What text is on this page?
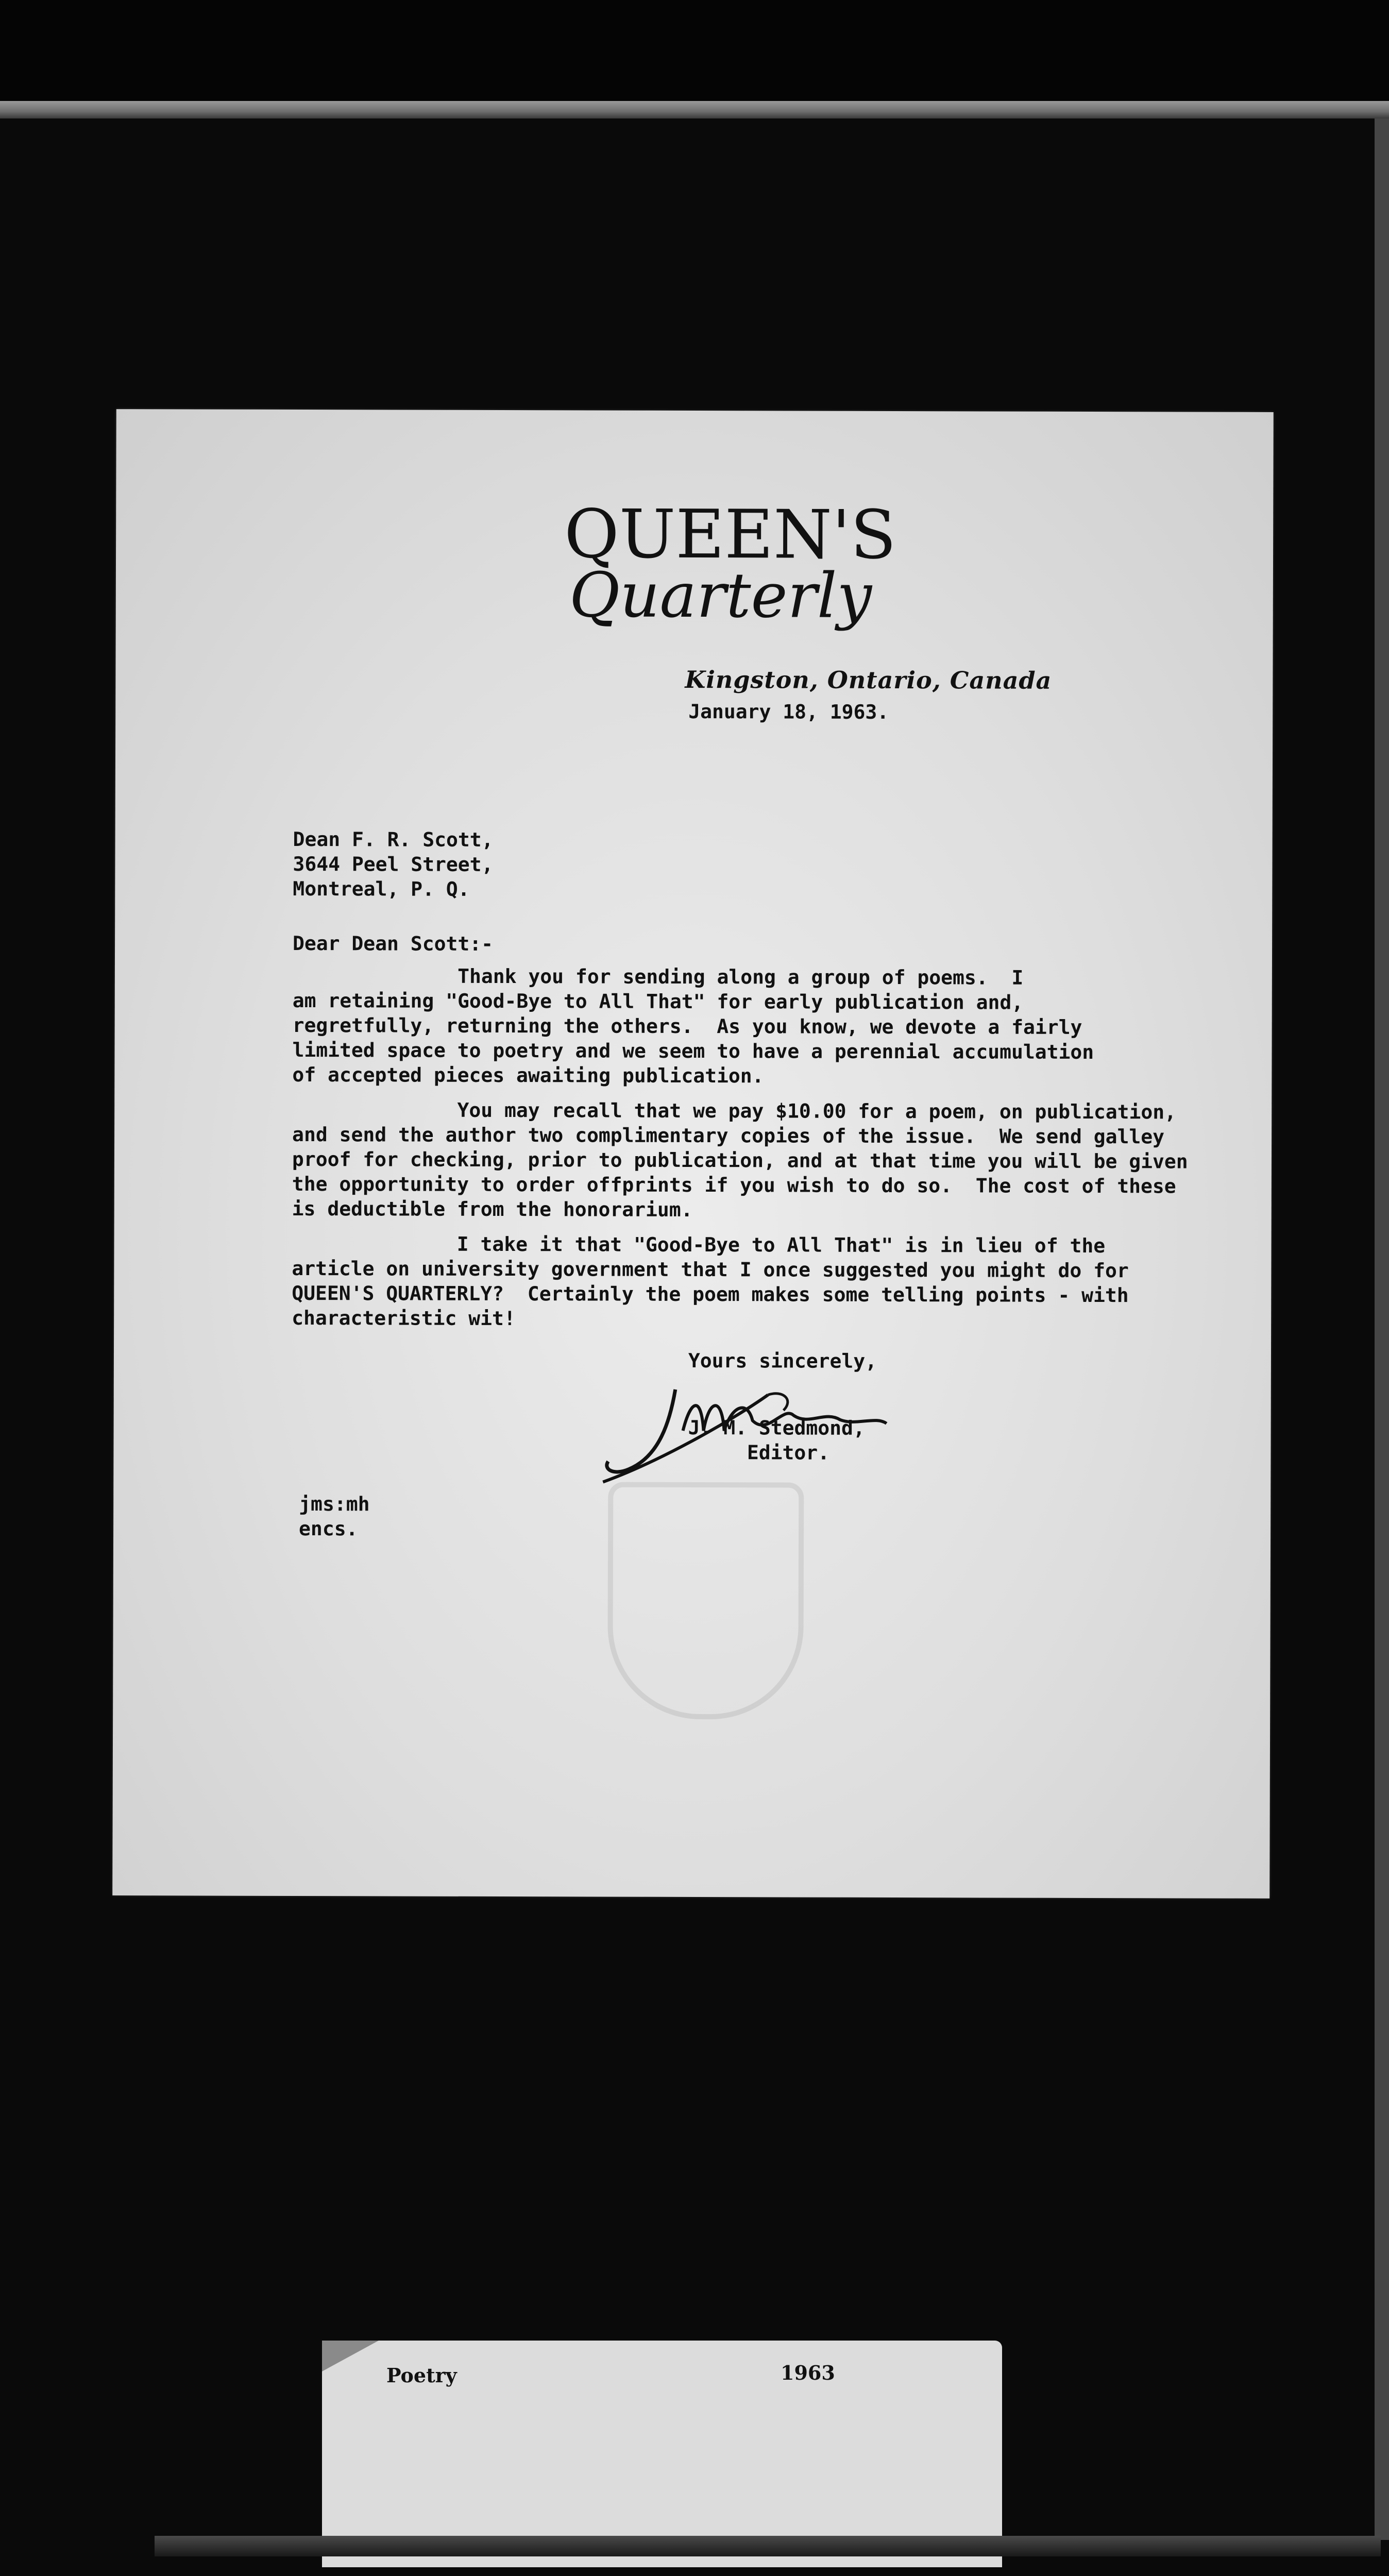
QUEEN'S
Quarterly
Kingston, Ontario, Canada
January 18, 1963.
Dean F. R. Scott,
3644 Peel Street,
Montreal, P. Q.
Dear Dean Scott:-
Thank you for sending along a group of poems.  I
am retaining "Good-Bye to All That" for early publication and,
regretfully, returning the others.  As you know, we devote a fairly
limited space to poetry and we seem to have a perennial accumulation
of accepted pieces awaiting publication.
You may recall that we pay $10.00 for a poem, on publication,
and send the author two complimentary copies of the issue.  We send galley
proof for checking, prior to publication, and at that time you will be given
the opportunity to order offprints if you wish to do so.  The cost of these
is deductible from the honorarium.
I take it that "Good-Bye to All That" is in lieu of the
article on university government that I once suggested you might do for
QUEEN'S QUARTERLY?  Certainly the poem makes some telling points - with
characteristic wit!
Yours sincerely,
J. M. Stedmond,
Editor.
jms:mh
encs.
Poetry	1963
